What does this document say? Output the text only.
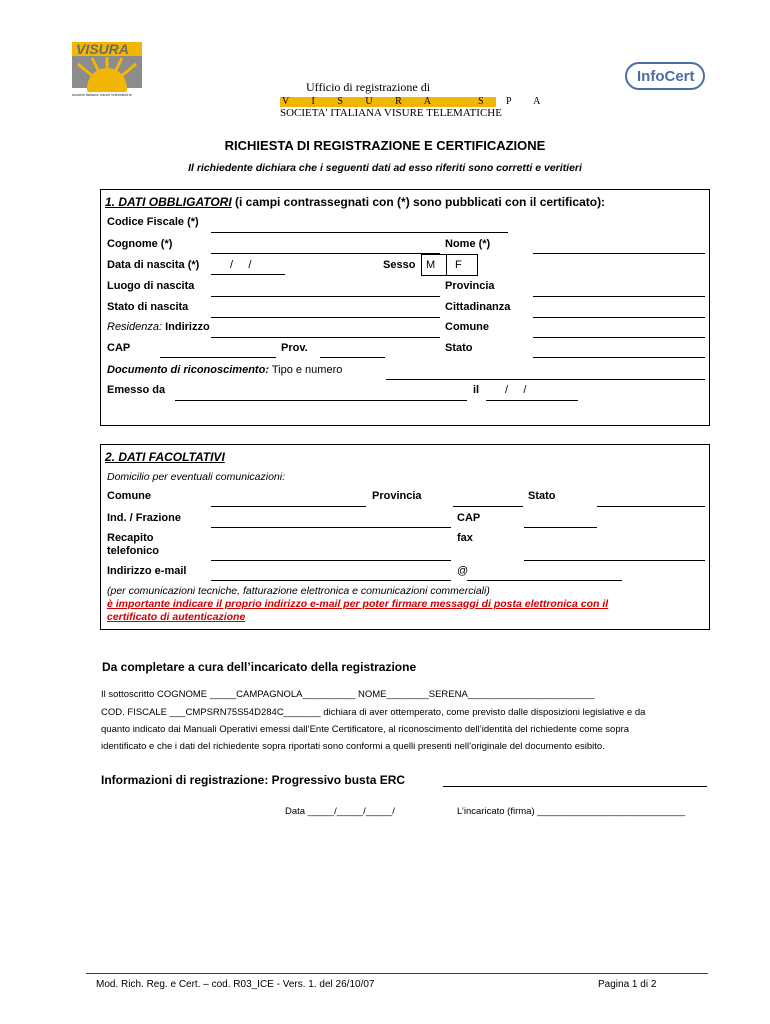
VISURA
società italiana visure telematiche
Ufficio di registrazione di
V I S U R A   S P A
SOCIETA' ITALIANA VISURE TELEMATICHE
InfoCert
RICHIESTA DI REGISTRAZIONE E CERTIFICAZIONE
Il richiedente dichiara che i seguenti dati ad esso riferiti sono corretti e veritieri
1. DATI OBBLIGATORI (i campi contrassegnati con (*) sono pubblicati con il certificato):
Codice Fiscale (*)
Cognome (*)	Nome (*)
Data di nascita (*)	/     /	Sesso M F
Luogo di nascita	Provincia
Stato di nascita	Cittadinanza
Residenza: Indirizzo	Comune
CAP	Prov.	Stato
Documento di riconoscimento: Tipo e numero
Emesso da	il /     /
2. DATI FACOLTATIVI
Domicilio per eventuali comunicazioni:
Comune	Provincia	Stato
Ind. / Frazione	CAP
Recapito
telefonico
fax
Indirizzo e-mail	@
(per comunicazioni tecniche, fatturazione elettronica e comunicazioni commerciali)
è importante indicare il proprio indirizzo e-mail per poter firmare messaggi di posta elettronica con il
certificato di autenticazione
Da completare a cura dell’incaricato della registrazione
Il sottoscritto COGNOME _____CAMPAGNOLA__________ NOME________SERENA________________________
COD. FISCALE ___CMPSRN75S54D284C_______ dichiara di aver ottemperato, come previsto dalle disposizioni legislative e da
quanto indicato dai Manuali Operativi emessi dall’Ente Certificatore, al riconoscimento dell’identità del richiedente come sopra
identificato e che i dati del richiedente sopra riportati sono conformi a quelli presenti nell’originale del documento esibito.
Informazioni di registrazione: Progressivo busta ERC
Data _____/_____/_____/	L’incaricato (firma) ____________________________
Mod. Rich. Reg. e Cert. – cod. R03_ICE - Vers. 1. del 26/10/07	Pagina 1 di 2
